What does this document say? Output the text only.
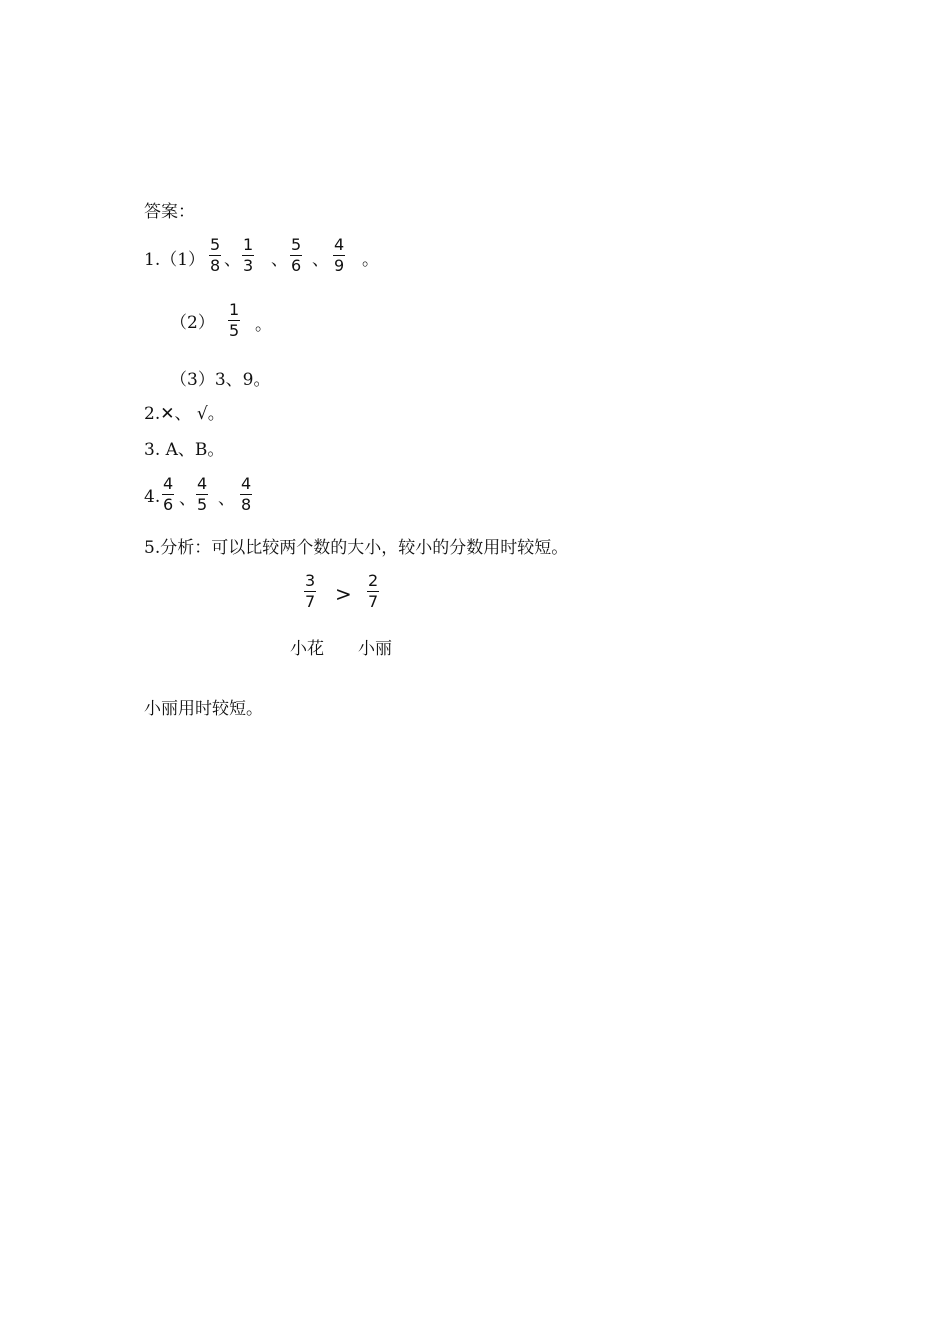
答案：
1.（1）
5
8 、
1
3 、
5
6 、
4
9 。
（2）
1
5 。
（3）3、9。
2.✕、 √。
3. A、B。
4.
4
6 、
4
5 、
4
8
5.分析：可以比较两个数的大小，较小的分数用时较短。
3
7 >
2
7
小花 小丽
小丽用时较短。
